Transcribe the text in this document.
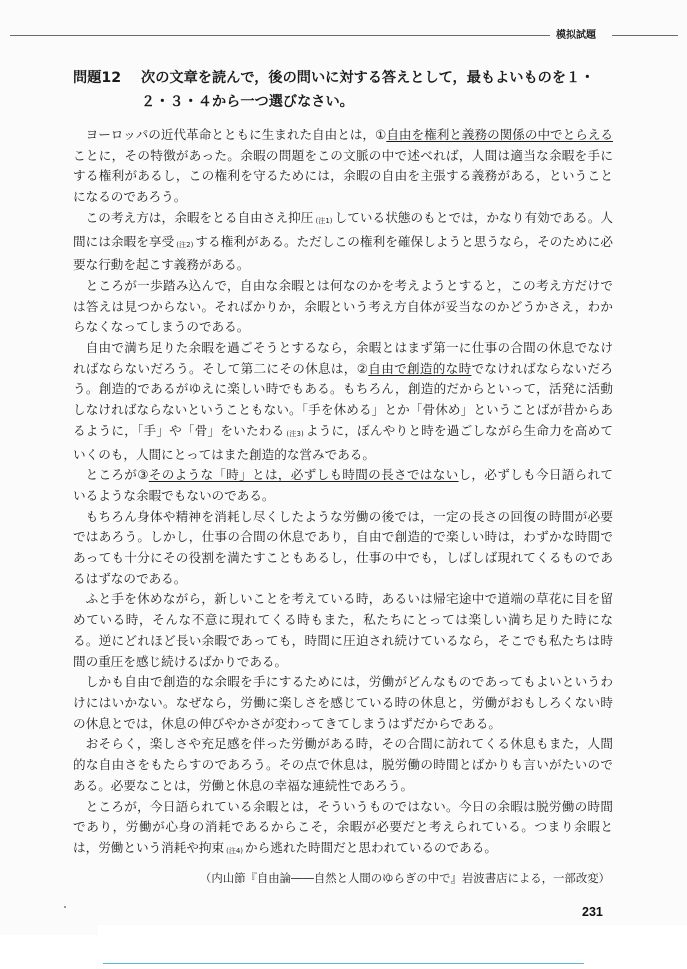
模拟試題
問題12 次の文章を読んで，後の問いに対する答えとして，最もよいものを１・
２・３・４から一つ選びなさい。

ヨーロッパの近代革命とともに生まれた自由とは，①自由を権利と義務の関係の中でとらえることに，その特徴があった。余暇の問題をこの文脈の中で述べれば，人間は適当な余暇を手にする権利があるし，この権利を守るためには，余暇の自由を主張する義務がある，ということになるのであろう。

この考え方は，余暇をとる自由さえ抑圧 (注1) している状態のもとでは，かなり有効である。人間には余暇を享受 (注2) する権利がある。ただしこの権利を確保しようと思うなら，そのために必要な行動を起こす義務がある。

ところが一歩踏み込んで，自由な余暇とは何なのかを考えようとすると，この考え方だけでは答えは見つからない。そればかりか，余暇という考え方自体が妥当なのかどうかさえ，わからなくなってしまうのである。

自由で満ち足りた余暇を過ごそうとするなら，余暇とはまず第一に仕事の合間の休息でなければならないだろう。そして第二にその休息は，②自由で創造的な時でなければならないだろう。創造的であるがゆえに楽しい時でもある。もちろん，創造的だからといって，活発に活動しなければならないということもない。「手を休める」とか「骨休め」ということばが昔からあるように，「手」や「骨」をいたわる (注3) ように，ぼんやりと時を過ごしながら生命力を高めていくのも，人間にとってはまた創造的な営みである。

ところが③そのような「時」とは，必ずしも時間の長さではないし，必ずしも今日語られているような余暇でもないのである。

もちろん身体や精神を消耗し尽くしたような労働の後では，一定の長さの回復の時間が必要ではあろう。しかし，仕事の合間の休息であり，自由で創造的で楽しい時は，わずかな時間であっても十分にその役割を満たすこともあるし，仕事の中でも，しばしば現れてくるものであるはずなのである。

ふと手を休めながら，新しいことを考えている時，あるいは帰宅途中で道端の草花に目を留めている時，そんな不意に現れてくる時もまた，私たちにとっては楽しい満ち足りた時になる。逆にどれほど長い余暇であっても，時間に圧迫され続けているなら，そこでも私たちは時間の重圧を感じ続けるばかりである。

しかも自由で創造的な余暇を手にするためには，労働がどんなものであってもよいというわけにはいかない。なぜなら，労働に楽しさを感じている時の休息と，労働がおもしろくない時の休息とでは，休息の伸びやかさが変わってきてしまうはずだからである。

おそらく，楽しさや充足感を伴った労働がある時，その合間に訪れてくる休息もまた，人間的な自由さをもたらすのであろう。その点で休息は，脱労働の時間とばかりも言いがたいのである。必要なことは，労働と休息の幸福な連続性であろう。

ところが，今日語られている余暇とは，そういうものではない。今日の余暇は脱労働の時間であり，労働が心身の消耗であるからこそ，余暇が必要だと考えられている。つまり余暇とは，労働という消耗や拘束 (注4) から逃れた時間だと思われているのである。

（内山節『自由論――自然と人間のゆらぎの中で』岩波書店による，一部改変）
231
